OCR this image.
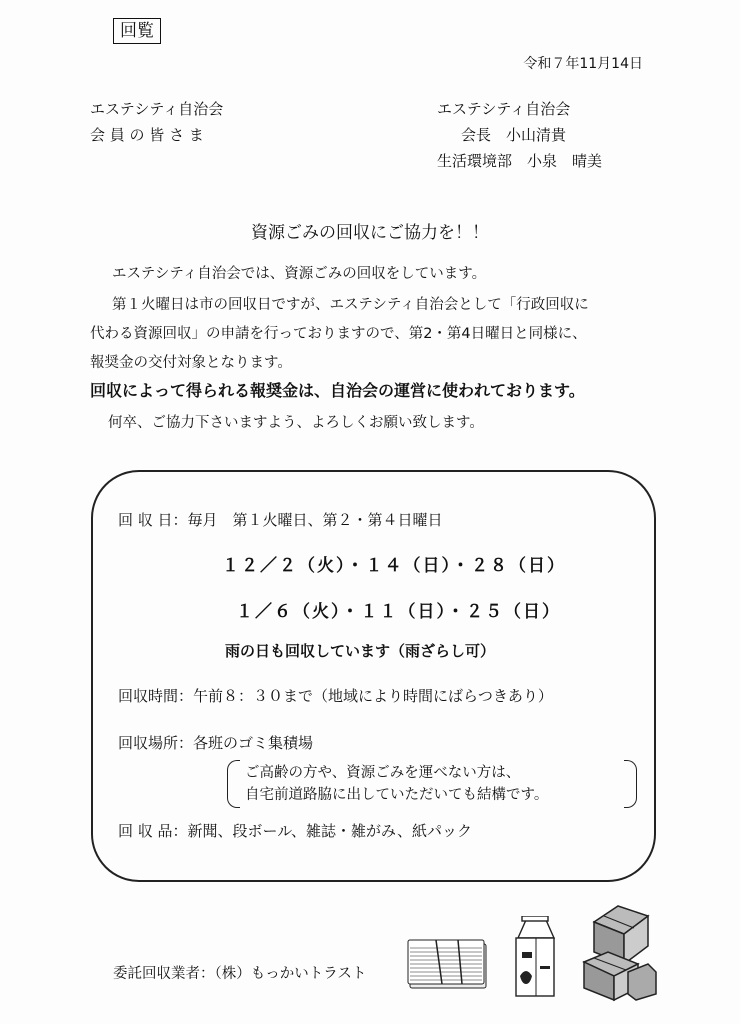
回覧
令和７年11月14日
エステシティ自治会
会 員 の 皆 さ ま
エステシティ自治会
会長　小山清貴
生活環境部　小泉　晴美
資源ごみの回収にご協力を！！
エステシティ自治会では、資源ごみの回収をしています。
第１火曜日は市の回収日ですが、エステシティ自治会として「行政回収に
代わる資源回収」の申請を行っておりますので、第2・第4日曜日と同様に、
報奨金の交付対象となります。
回収によって得られる報奨金は、自治会の運営に使われております。
何卒、ご協力下さいますよう、よろしくお願い致します。
回 収 日：毎月　第１火曜日、第２・第４日曜日
１２／２（火）・１４（日）・２８（日）
１／６（火）・１１（日）・２５（日）
雨の日も回収しています（雨ざらし可）
回収時間：午前８：３０まで（地域により時間にばらつきあり）
回収場所：各班のゴミ集積場
ご高齢の方や、資源ごみを運べない方は、
自宅前道路脇に出していただいても結構です。
回 収 品：新聞、段ボール、雑誌・雑がみ、紙パック
委託回収業者：（株）もっかいトラスト
